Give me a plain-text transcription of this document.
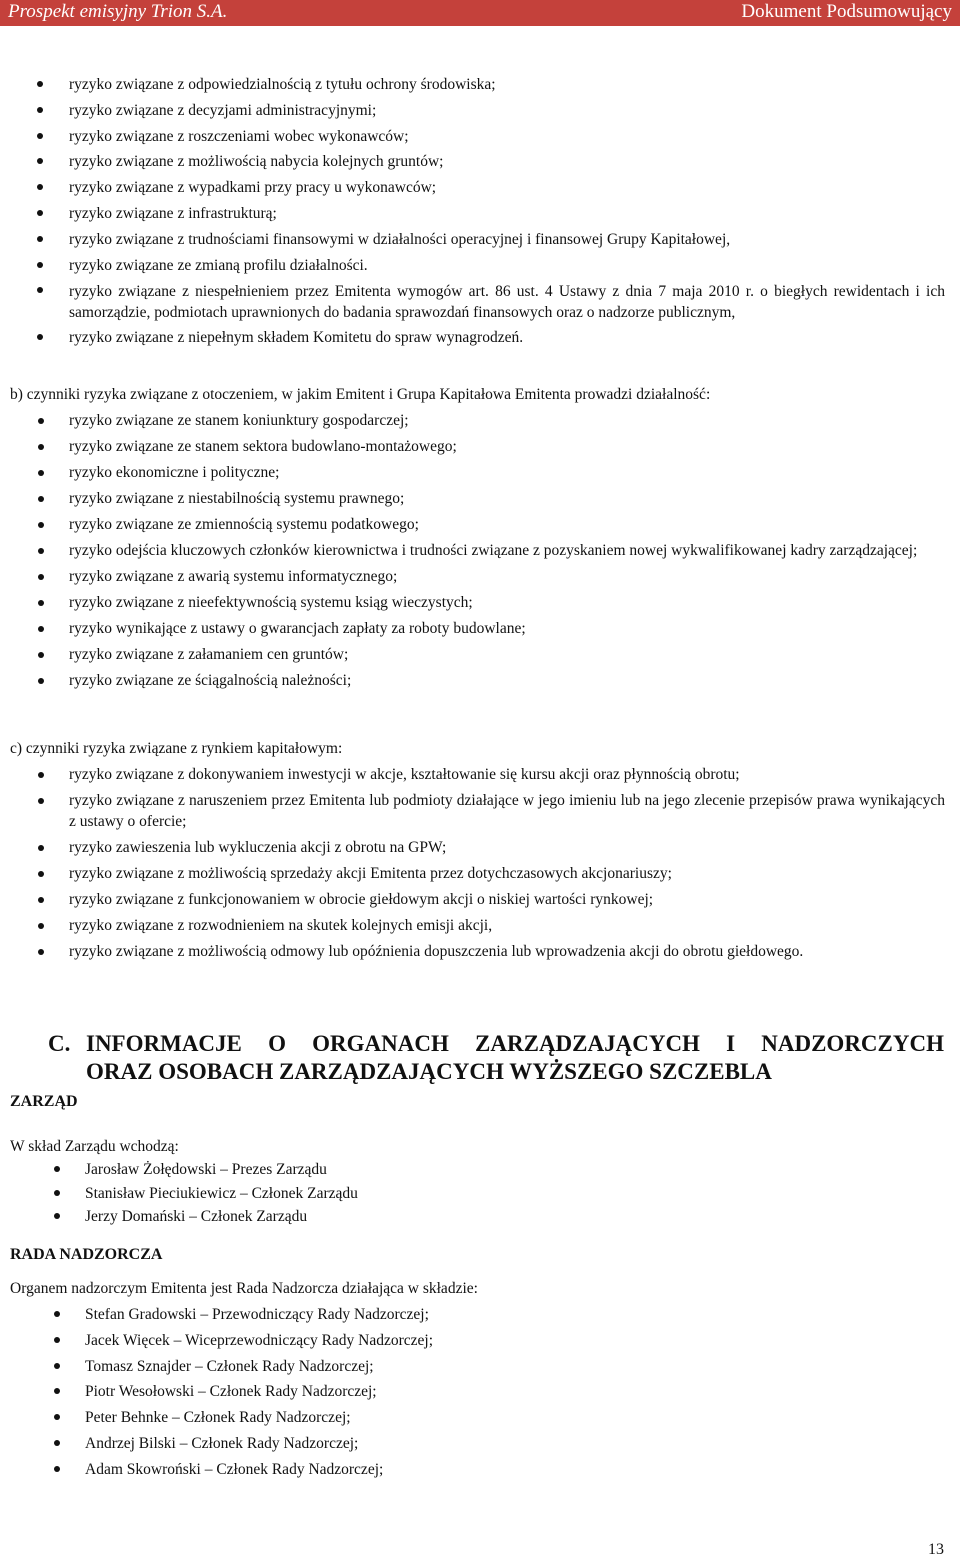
Prospekt emisyjny Trion S.A.	Dokument Podsumowujący
ryzyko związane z odpowiedzialnością z tytułu ochrony środowiska;
ryzyko związane z decyzjami administracyjnymi;
ryzyko związane z roszczeniami wobec wykonawców;
ryzyko związane z możliwością nabycia kolejnych gruntów;
ryzyko związane z wypadkami przy pracy u wykonawców;
ryzyko związane z infrastrukturą;
ryzyko związane z trudnościami finansowymi w działalności operacyjnej i finansowej Grupy Kapitałowej,
ryzyko związane ze zmianą profilu działalności.
ryzyko związane z niespełnieniem przez Emitenta wymogów art. 86 ust. 4 Ustawy z dnia 7 maja 2010 r. o biegłych rewidentach i ich samorządzie, podmiotach uprawnionych do badania sprawozdań finansowych oraz o nadzorze publicznym,
ryzyko związane z niepełnym składem Komitetu do spraw wynagrodzeń.
b) czynniki ryzyka związane z otoczeniem, w jakim Emitent i Grupa Kapitałowa Emitenta prowadzi działalność:
ryzyko związane ze stanem koniunktury gospodarczej;
ryzyko związane ze stanem sektora budowlano-montażowego;
ryzyko ekonomiczne i polityczne;
ryzyko związane z niestabilnością systemu prawnego;
ryzyko związane ze zmiennością systemu podatkowego;
ryzyko odejścia kluczowych członków kierownictwa i trudności związane z pozyskaniem nowej wykwalifikowanej kadry zarządzającej;
ryzyko związane z awarią systemu informatycznego;
ryzyko związane z nieefektywnością systemu ksiąg wieczystych;
ryzyko wynikające z ustawy o gwarancjach zapłaty za roboty budowlane;
ryzyko związane z załamaniem cen gruntów;
ryzyko związane ze ściągalnością należności;
c) czynniki ryzyka związane z rynkiem kapitałowym:
ryzyko związane z dokonywaniem inwestycji w akcje, kształtowanie się kursu akcji oraz płynnością obrotu;
ryzyko związane z naruszeniem przez Emitenta lub podmioty działające w jego imieniu lub na jego zlecenie przepisów prawa wynikających z ustawy o ofercie;
ryzyko zawieszenia lub wykluczenia akcji z obrotu na GPW;
ryzyko związane z możliwością sprzedaży akcji Emitenta przez dotychczasowych akcjonariuszy;
ryzyko związane z funkcjonowaniem w obrocie giełdowym akcji o niskiej wartości rynkowej;
ryzyko związane z rozwodnieniem na skutek kolejnych emisji akcji,
ryzyko związane z możliwością odmowy lub opóźnienia dopuszczenia lub wprowadzenia akcji do obrotu giełdowego.
C. INFORMACJE O ORGANACH ZARZĄDZAJĄCYCH I NADZORCZYCH
ORAZ OSOBACH ZARZĄDZAJĄCYCH WYŻSZEGO SZCZEBLA
ZARZĄD
W skład Zarządu wchodzą:
Jarosław Żołędowski – Prezes Zarządu
Stanisław Pieciukiewicz – Członek Zarządu
Jerzy Domański – Członek Zarządu
RADA NADZORCZA
Organem nadzorczym Emitenta jest Rada Nadzorcza działająca w składzie:
Stefan Gradowski – Przewodniczący Rady Nadzorczej;
Jacek Więcek – Wiceprzewodniczący Rady Nadzorczej;
Tomasz Sznajder – Członek Rady Nadzorczej;
Piotr Wesołowski – Członek Rady Nadzorczej;
Peter Behnke – Członek Rady Nadzorczej;
Andrzej Bilski – Członek Rady Nadzorczej;
Adam Skowroński – Członek Rady Nadzorczej;
13
